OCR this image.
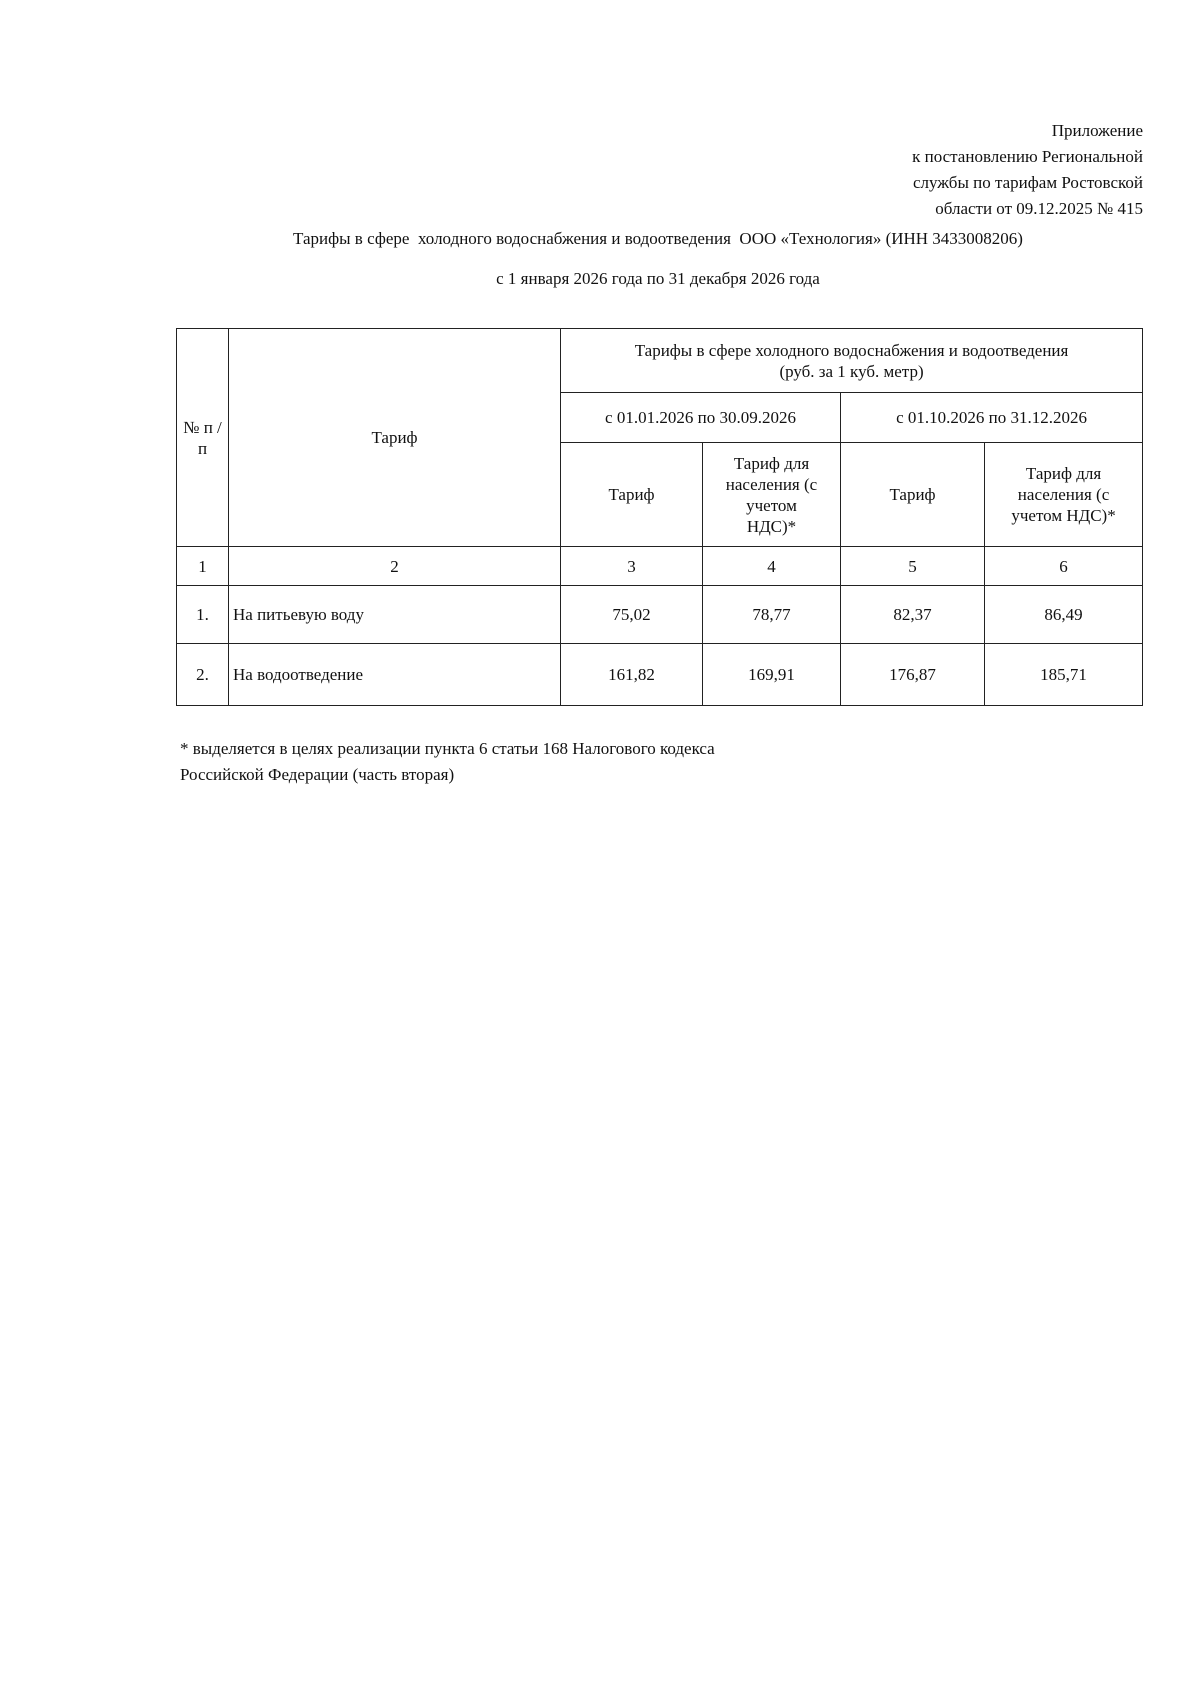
Приложение
к постановлению Региональной
службы по тарифам Ростовской
области от 09.12.2025 № 415
Тарифы в сфере  холодного водоснабжения и водоотведения  ООО «Технология» (ИНН 3433008206)
с 1 января 2026 года по 31 декабря 2026 года
№ п /п	Тариф	Тарифы в сфере холодного водоснабжения и водоотведения
(руб. за 1 куб. метр)			

		с 01.01.2026 по 30.09.2026		с 01.10.2026 по 31.12.2026	
		Тариф	Тариф для населения (с учетом НДС)*	Тариф	Тариф для населения (с учетом НДС)*
1	2	3	4	5	6
1.	На питьевую воду	75,02	78,77	82,37	86,49
2.	На водоотведение	161,82	169,91	176,87	185,71
* выделяется в целях реализации пункта 6 статьи 168 Налогового кодекса
Российской Федерации (часть вторая)
